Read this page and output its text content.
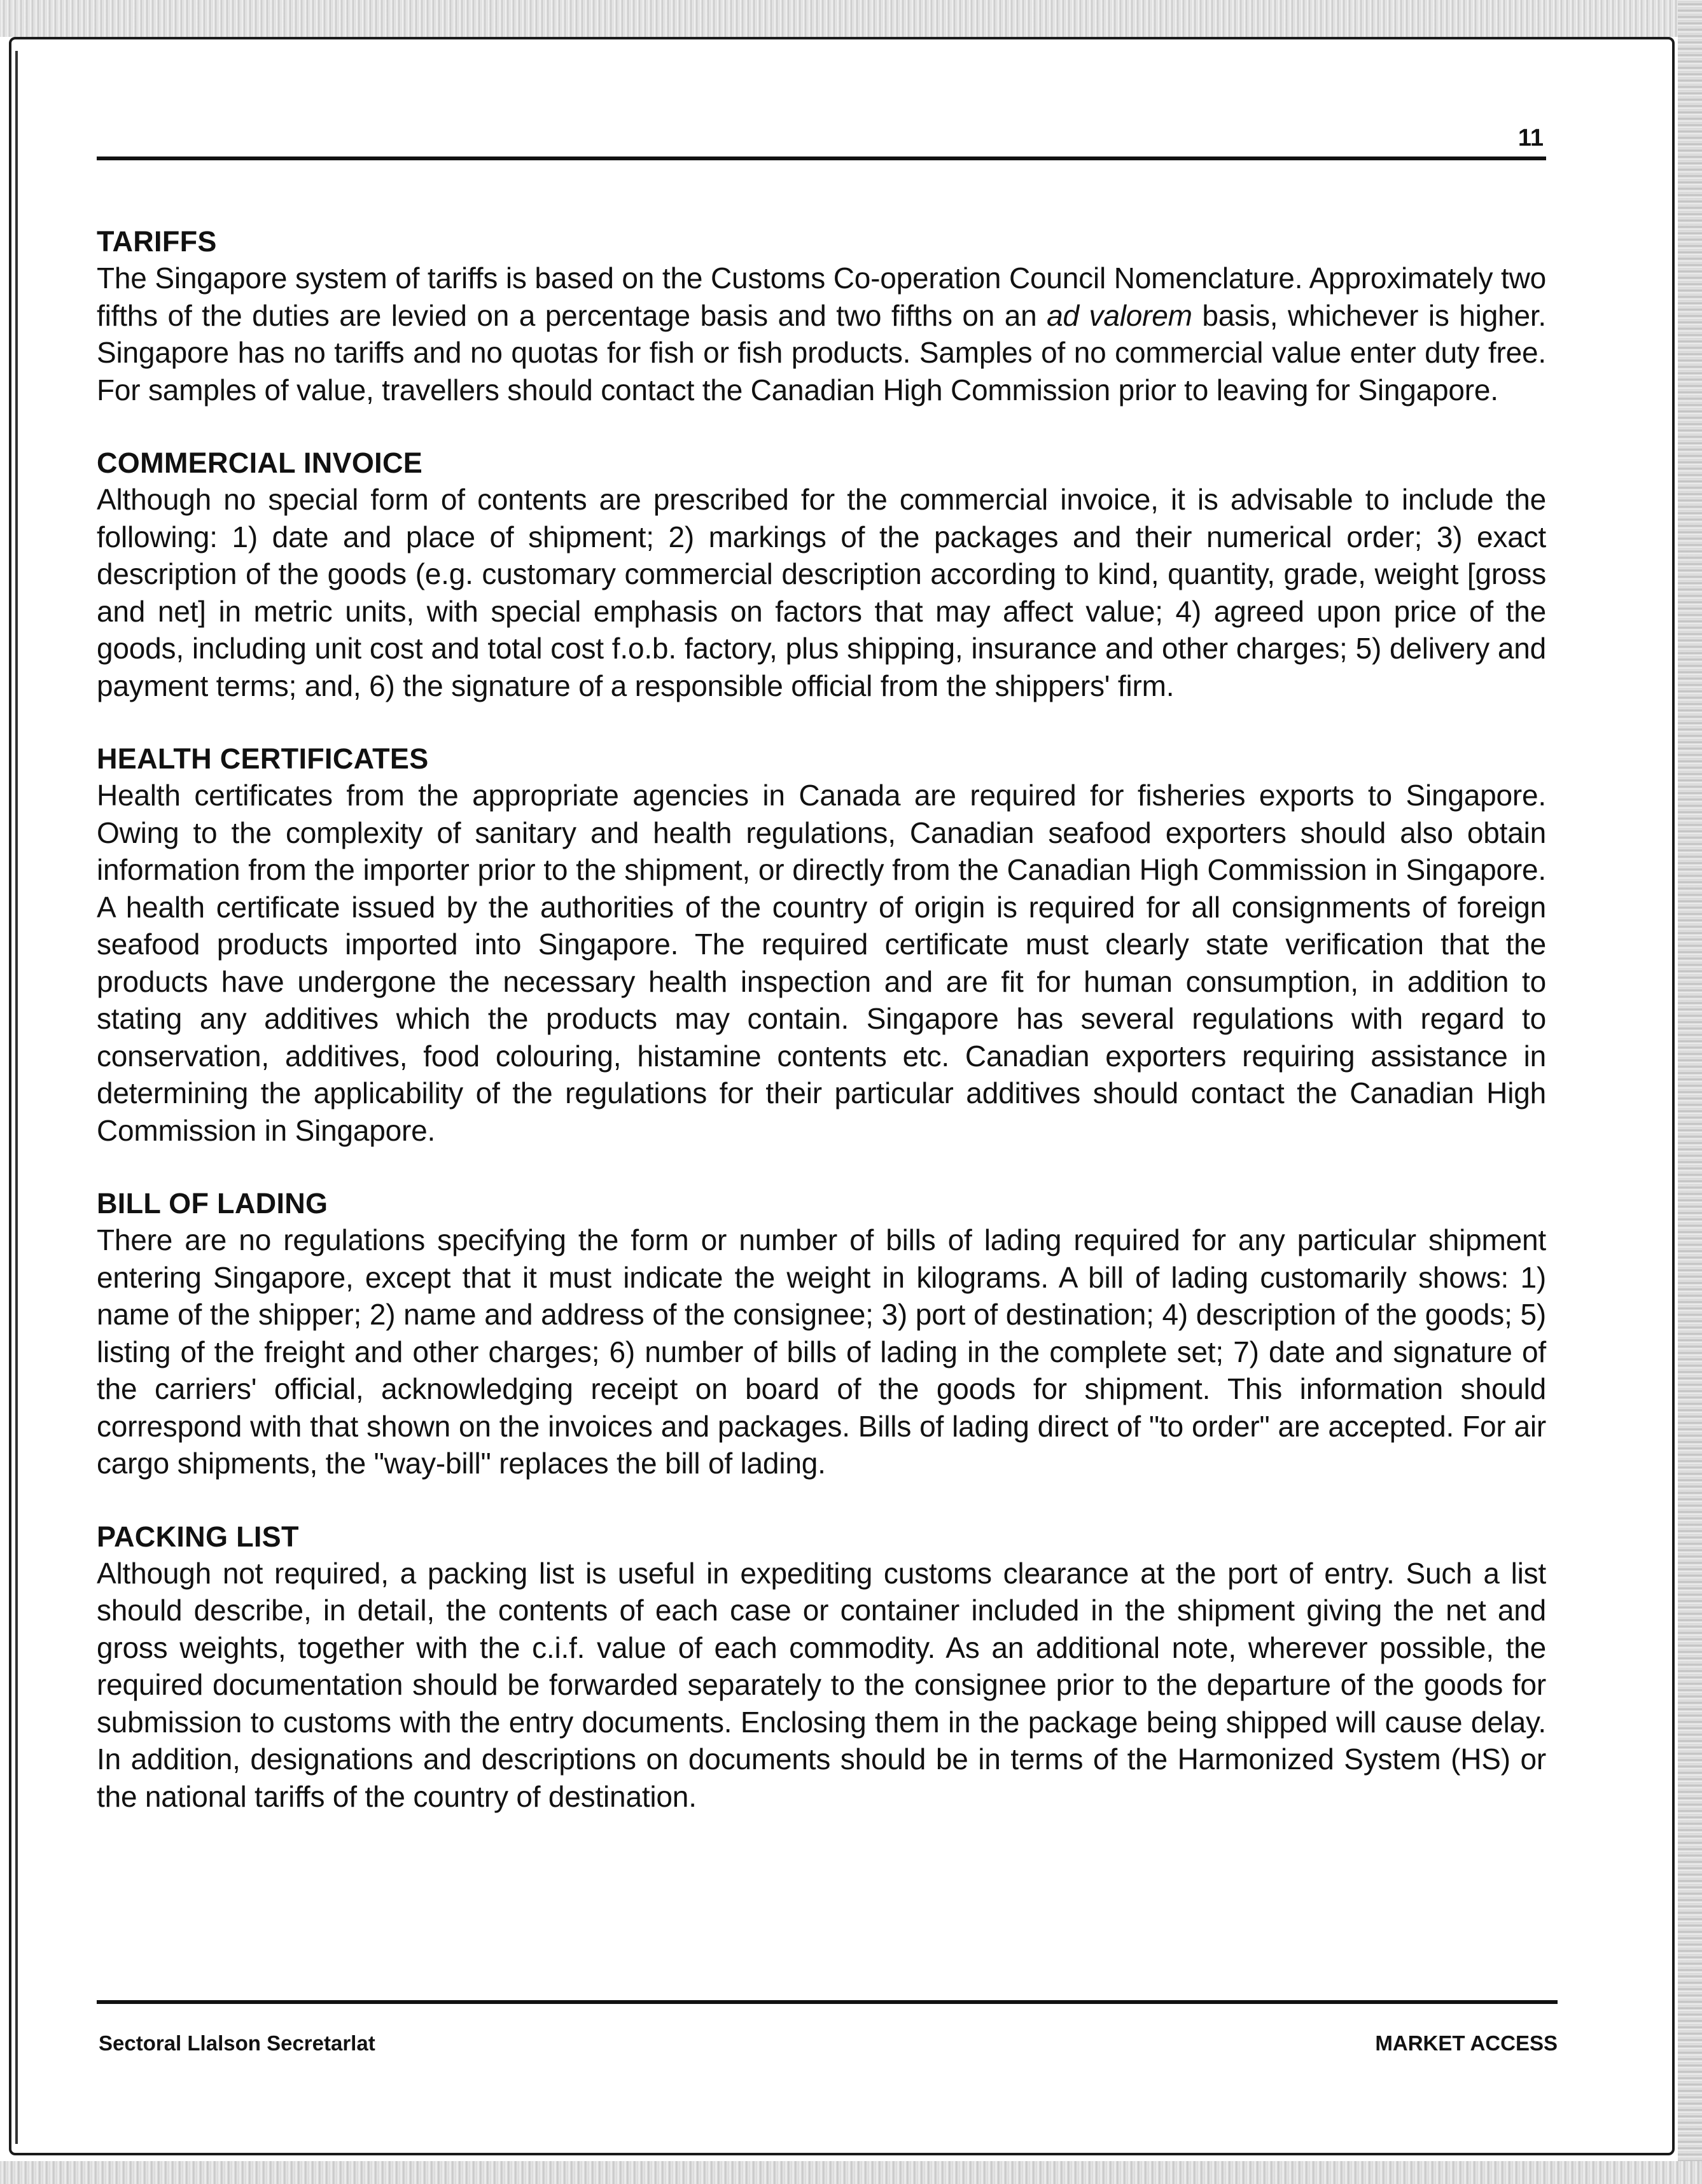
11
TARIFFS

The Singapore system of tariffs is based on the Customs Co-operation Council Nomenclature. Approximately two fifths of the duties are levied on a percentage basis and two fifths on an ad valorem basis, whichever is higher. Singapore has no tariffs and no quotas for fish or fish products. Samples of no commercial value enter duty free. For samples of value, travellers should contact the Canadian High Commission prior to leaving for Singapore.

COMMERCIAL INVOICE

Although no special form of contents are prescribed for the commercial invoice, it is advisable to include the following: 1) date and place of shipment; 2) markings of the packages and their numerical order; 3) exact description of the goods (e.g. customary commercial description according to kind, quantity, grade, weight [gross and net] in metric units, with special emphasis on factors that may affect value; 4) agreed upon price of the goods, including unit cost and total cost f.o.b. factory, plus shipping, insurance and other charges; 5) delivery and payment terms; and, 6) the signature of a responsible official from the shippers' firm.

HEALTH CERTIFICATES

Health certificates from the appropriate agencies in Canada are required for fisheries exports to Singapore. Owing to the complexity of sanitary and health regulations, Canadian seafood exporters should also obtain information from the importer prior to the shipment, or directly from the Canadian High Commission in Singapore. A health certificate issued by the authorities of the country of origin is required for all consignments of foreign seafood products imported into Singapore. The required certificate must clearly state verification that the products have undergone the necessary health inspection and are fit for human consumption, in addition to stating any additives which the products may contain. Singapore has several regulations with regard to conservation, additives, food colouring, histamine contents etc. Canadian exporters requiring assistance in determining the applicability of the regulations for their particular additives should contact the Canadian High Commission in Singapore.

BILL OF LADING

There are no regulations specifying the form or number of bills of lading required for any particular shipment entering Singapore, except that it must indicate the weight in kilograms. A bill of lading customarily shows: 1) name of the shipper; 2) name and address of the consignee; 3) port of destination; 4) description of the goods; 5) listing of the freight and other charges; 6) number of bills of lading in the complete set; 7) date and signature of the carriers' official, acknowledging receipt on board of the goods for shipment. This information should correspond with that shown on the invoices and packages. Bills of lading direct of "to order" are accepted. For air cargo shipments, the "way-bill" replaces the bill of lading.

PACKING LIST

Although not required, a packing list is useful in expediting customs clearance at the port of entry. Such a list should describe, in detail, the contents of each case or container included in the shipment giving the net and gross weights, together with the c.i.f. value of each commodity. As an additional note, wherever possible, the required documentation should be forwarded separately to the consignee prior to the departure of the goods for submission to customs with the entry documents. Enclosing them in the package being shipped will cause delay. In addition, designations and descriptions on documents should be in terms of the Harmonized System (HS) or the national tariffs of the country of destination.

Sectoral Llalson Secretarlat	MARKET ACCESS
